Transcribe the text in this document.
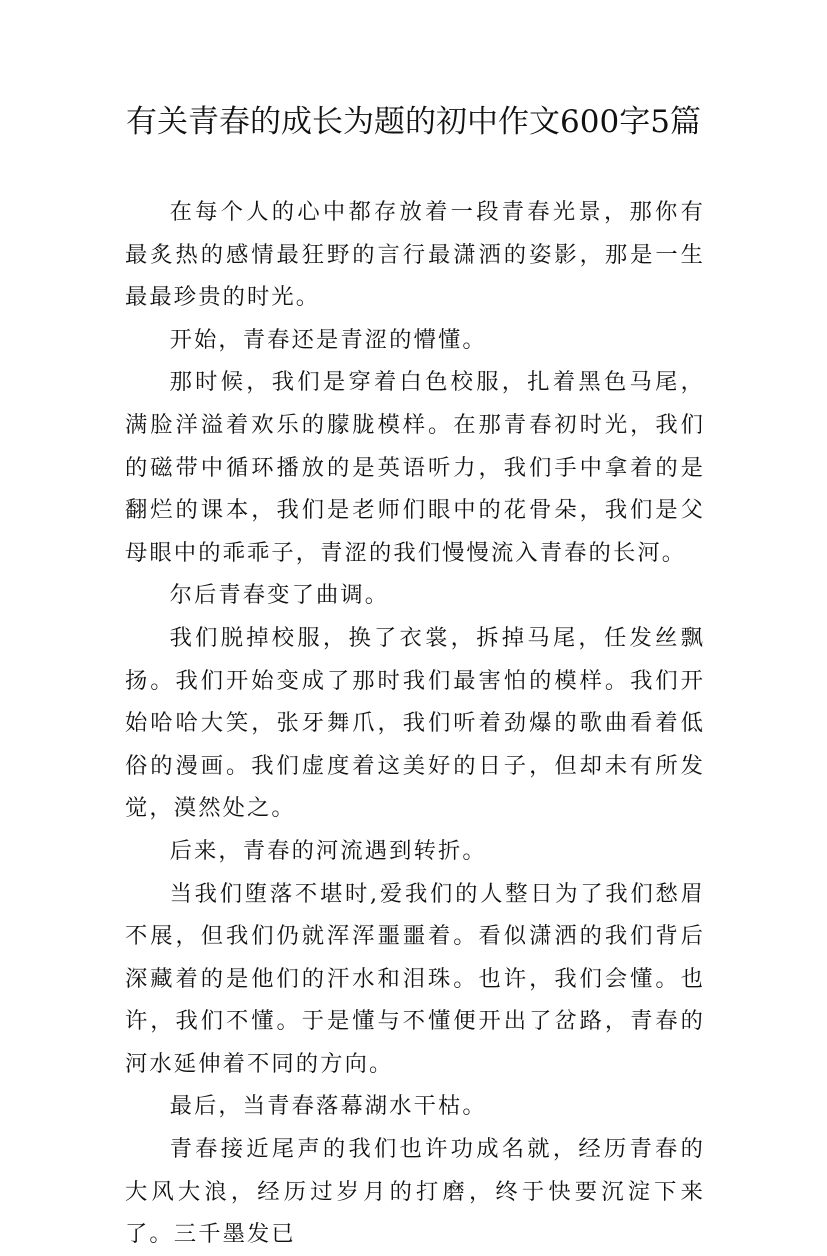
有关青春的成长为题的初中作文600字5篇

在每个人的心中都存放着一段青春光景，那你有最炙热的感情最狂野的言行最潇洒的姿影，那是一生最最珍贵的时光。

开始，青春还是青涩的懵懂。

那时候，我们是穿着白色校服，扎着黑色马尾，满脸洋溢着欢乐的朦胧模样。在那青春初时光，我们的磁带中循环播放的是英语听力，我们手中拿着的是翻烂的课本，我们是老师们眼中的花骨朵，我们是父母眼中的乖乖子，青涩的我们慢慢流入青春的长河。

尔后青春变了曲调。

我们脱掉校服，换了衣裳，拆掉马尾，任发丝飘扬。我们开始变成了那时我们最害怕的模样。我们开始哈哈大笑，张牙舞爪，我们听着劲爆的歌曲看着低俗的漫画。我们虚度着这美好的日子，但却未有所发觉，漠然处之。

后来，青春的河流遇到转折。

当我们堕落不堪时,爱我们的人整日为了我们愁眉不展，但我们仍就浑浑噩噩着。看似潇洒的我们背后深藏着的是他们的汗水和泪珠。也许，我们会懂。也许，我们不懂。于是懂与不懂便开出了岔路，青春的河水延伸着不同的方向。

最后，当青春落幕湖水干枯。

青春接近尾声的我们也许功成名就，经历青春的大风大浪，经历过岁月的打磨，终于快要沉淀下来了。三千墨发已
